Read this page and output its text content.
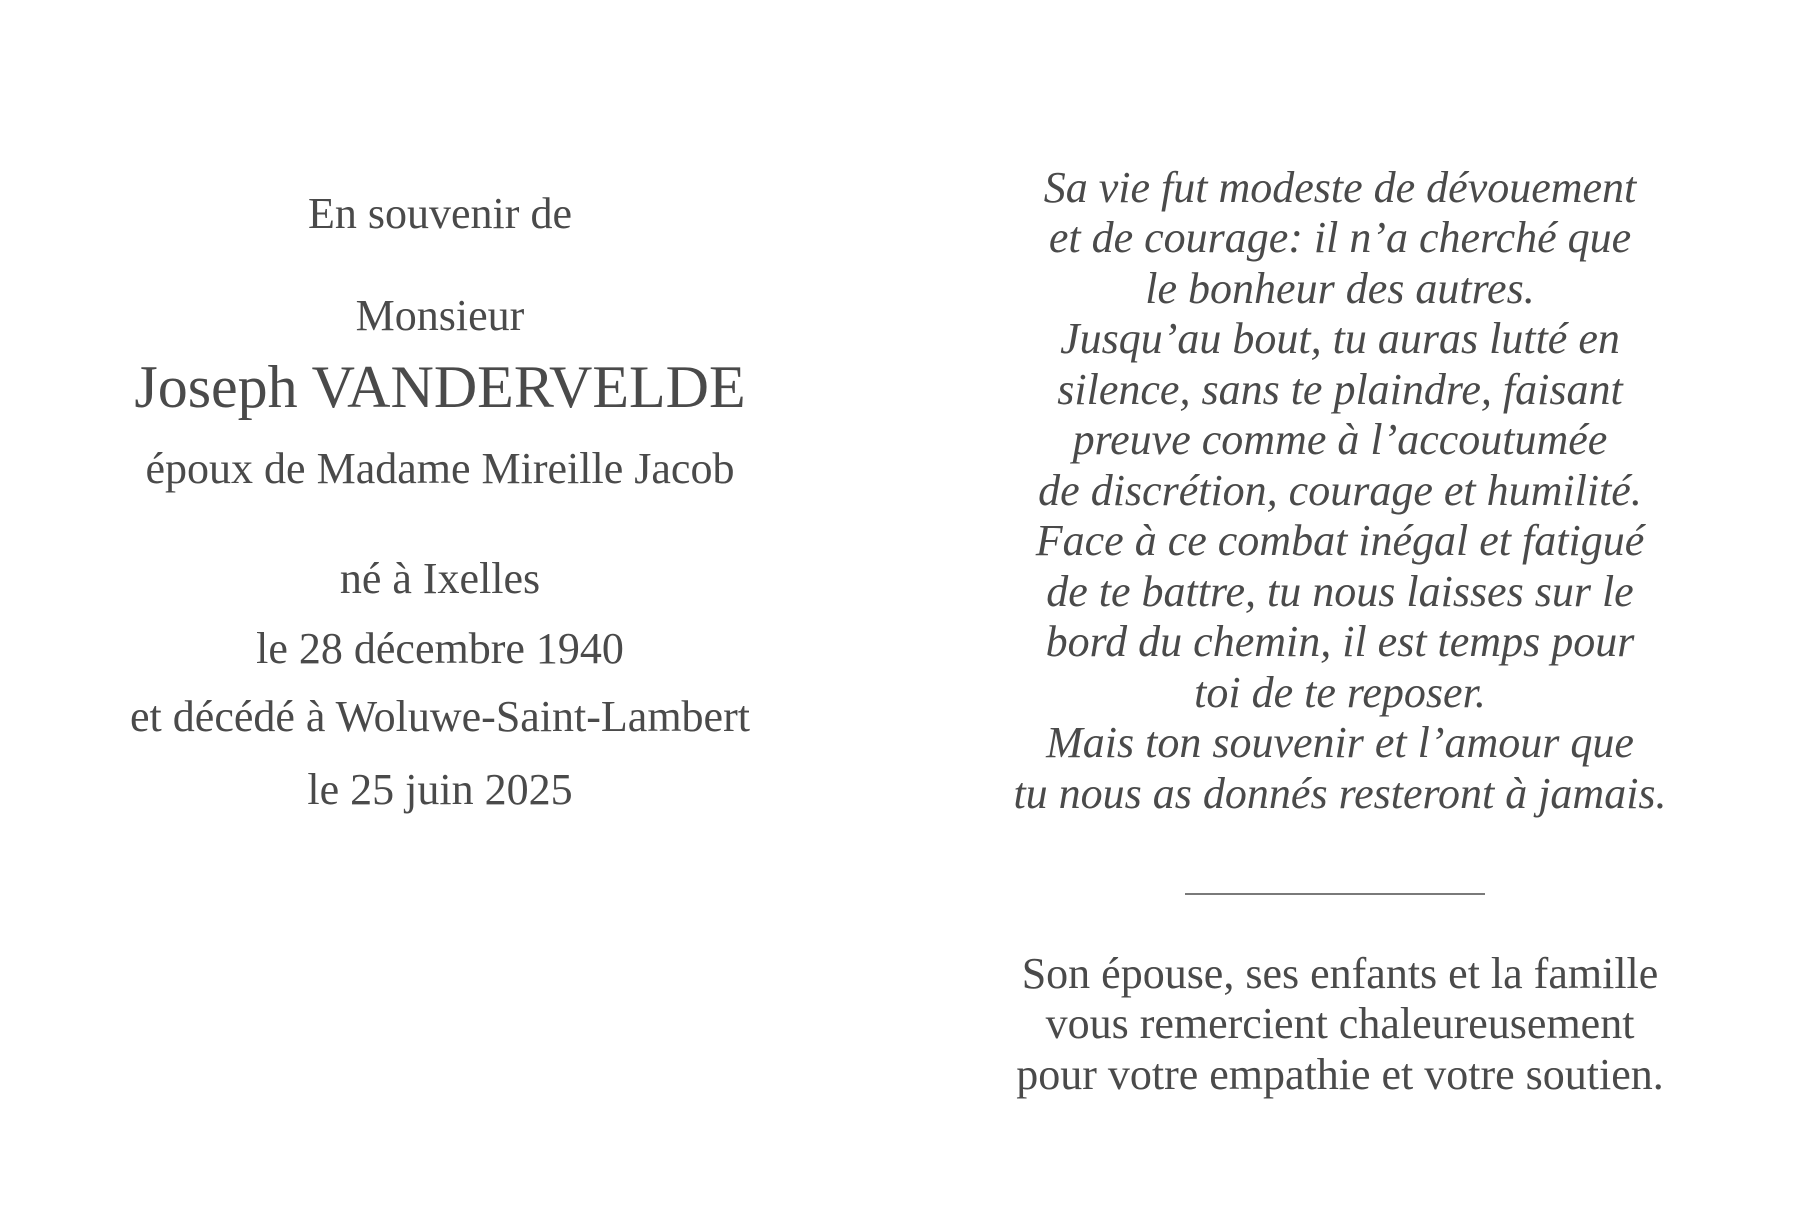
En souvenir de
Monsieur
Joseph VANDERVELDE
époux de Madame Mireille Jacob
né à Ixelles
le 28 décembre 1940
et décédé à Woluwe-Saint-Lambert
le 25 juin 2025
Sa vie fut modeste de dévouement
et de courage: il n’a cherché que
le bonheur des autres.
Jusqu’au bout, tu auras lutté en
silence, sans te plaindre, faisant
preuve comme à l’accoutumée
de discrétion, courage et humilité.
Face à ce combat inégal et fatigué
de te battre, tu nous laisses sur le
bord du chemin, il est temps pour
toi de te reposer.
Mais ton souvenir et l’amour que
tu nous as donnés resteront à jamais.
Son épouse, ses enfants et la famille
vous remercient chaleureusement
pour votre empathie et votre soutien.
